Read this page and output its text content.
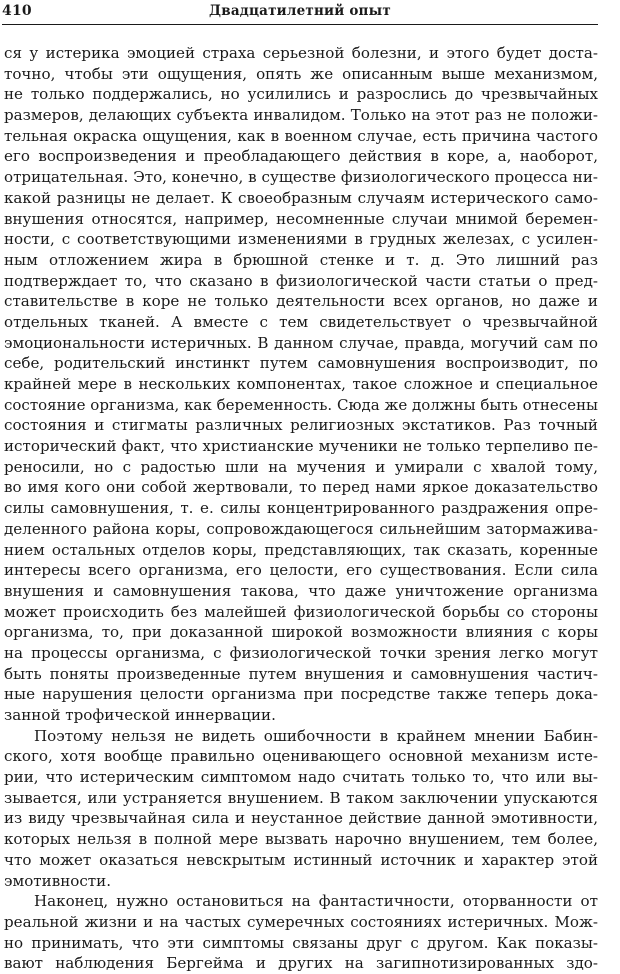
410	Двадцатилетний опыт
ся у истерика эмоцией страха серьезной болезни, и этого будет доста-
точно, чтобы эти ощущения, опять же описанным выше механизмом,
не только поддержались, но усилились и разрослись до чрезвычайных
размеров, делающих субъекта инвалидом. Только на этот раз не положи-
тельная окраска ощущения, как в военном случае, есть причина частого
его воспроизведения и преобладающего действия в коре, а, наоборот,
отрицательная. Это, конечно, в существе физиологического процесса ни-
какой разницы не делает. К своеобразным случаям истерического само-
внушения относятся, например, несомненные случаи мнимой беремен-
ности, с соответствующими изменениями в грудных железах, с усилен-
ным отложением жира в брюшной стенке и т. д. Это лишний раз
подтверждает то, что сказано в физиологической части статьи о пред-
ставительстве в коре не только деятельности всех органов, но даже и
отдельных тканей. А вместе с тем свидетельствует о чрезвычайной
эмоциональности истеричных. В данном случае, правда, могучий сам по
себе, родительский инстинкт путем самовнушения воспроизводит, по
крайней мере в нескольких компонентах, такое сложное и специальное
состояние организма, как беременность. Сюда же должны быть отнесены
состояния и стигматы различных религиозных экстатиков. Раз точный
исторический факт, что христианские мученики не только терпеливо пе-
реносили, но с радостью шли на мучения и умирали с хвалой тому,
во имя кого они собой жертвовали, то перед нами яркое доказательство
силы самовнушения, т. е. силы концентрированного раздражения опре-
деленного района коры, сопровождающегося сильнейшим затормажива-
нием остальных отделов коры, представляющих, так сказать, коренные
интересы всего организма, его целости, его существования. Если сила
внушения и самовнушения такова, что даже уничтожение организма
может происходить без малейшей физиологической борьбы со стороны
организма, то, при доказанной широкой возможности влияния с коры
на процессы организма, с физиологической точки зрения легко могут
быть поняты произведенные путем внушения и самовнушения частич-
ные нарушения целости организма при посредстве также теперь дока-
занной трофической иннервации.
Поэтому нельзя не видеть ошибочности в крайнем мнении Бабин-
ского, хотя вообще правильно оценивающего основной механизм исте-
рии, что истерическим симптомом надо считать только то, что или вы-
зывается, или устраняется внушением. В таком заключении упускаются
из виду чрезвычайная сила и неустанное действие данной эмотивности,
которых нельзя в полной мере вызвать нарочно внушением, тем более,
что может оказаться невскрытым истинный источник и характер этой
эмотивности.
Наконец, нужно остановиться на фантастичности, оторванности от
реальной жизни и на частых сумеречных состояниях истеричных. Мож-
но принимать, что эти симптомы связаны друг с другом. Как показы-
вают наблюдения Бергейма и других на загипнотизированных здо-
